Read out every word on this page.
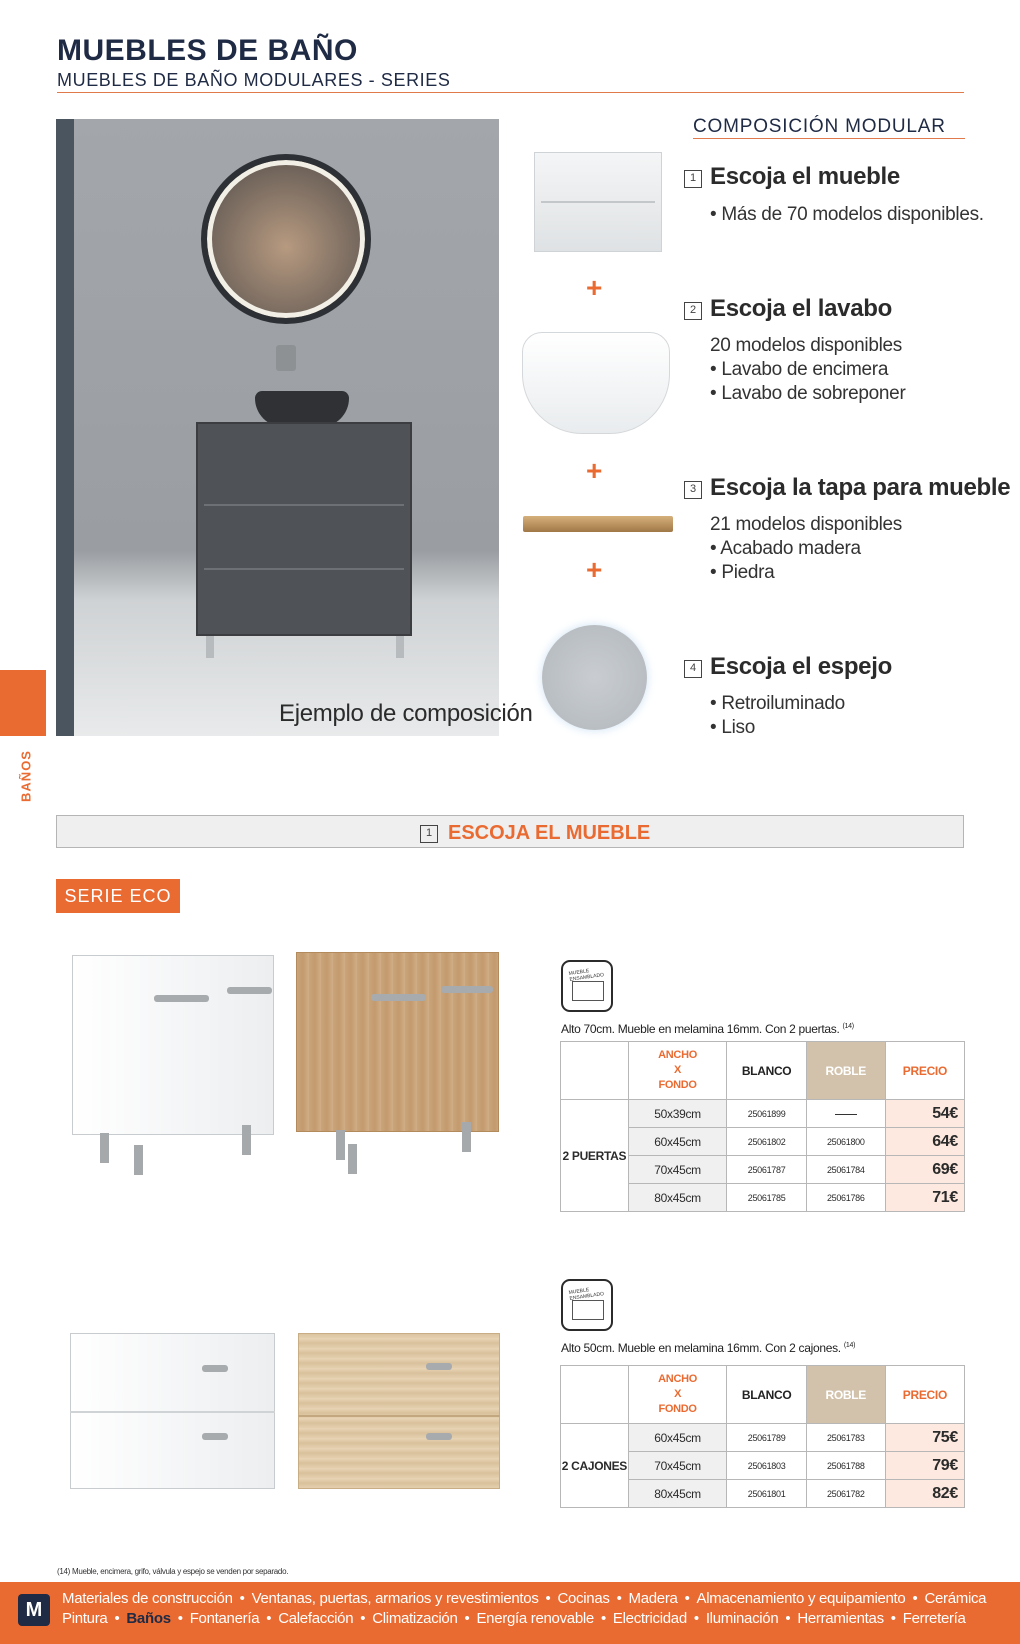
MUEBLES DE BAÑO
MUEBLES DE BAÑO MODULARES - SERIES
BAÑOS
Ejemplo de composición
COMPOSICIÓN MODULAR
+
+
+
1 Escoja el mueble
• Más de 70 modelos disponibles.
2 Escoja el lavabo
20 modelos disponibles
• Lavabo de encimera
• Lavabo de sobreponer
3 Escoja la tapa para mueble
21 modelos disponibles
• Acabado madera
• Piedra
4 Escoja el espejo
• Retroiluminado
• Liso
1 ESCOJA EL MUEBLE
SERIE ECO
MUEBLE ENSAMBLADO
Alto 70cm. Mueble en melamina 16mm. Con 2 puertas. $^{(14)}$
	ANCHO
X
FONDO	BLANCO	ROBLE	PRECIO
2 PUERTAS	50x39cm	25061899		54€
	60x45cm	25061802	25061800	64€
	70x45cm	25061787	25061784	69€
	80x45cm	25061785	25061786	71€
MUEBLE ENSAMBLADO
Alto 50cm. Mueble en melamina 16mm. Con 2 cajones. $^{(14)}$
	ANCHO
X
FONDO	BLANCO	ROBLE	PRECIO
2 CAJONES	60x45cm	25061789	25061783	75€
	70x45cm	25061803	25061788	79€
	80x45cm	25061801	25061782	82€
(14) Mueble, encimera, grifo, válvula y espejo se venden por separado.
M
Materiales de construcción • Ventanas, puertas, armarios y revestimientos • Cocinas • Madera • Almacenamiento y equipamiento • Cerámica
Pintura • Baños • Fontanería • Calefacción • Climatización • Energía renovable • Electricidad • Iluminación • Herramientas • Ferretería
